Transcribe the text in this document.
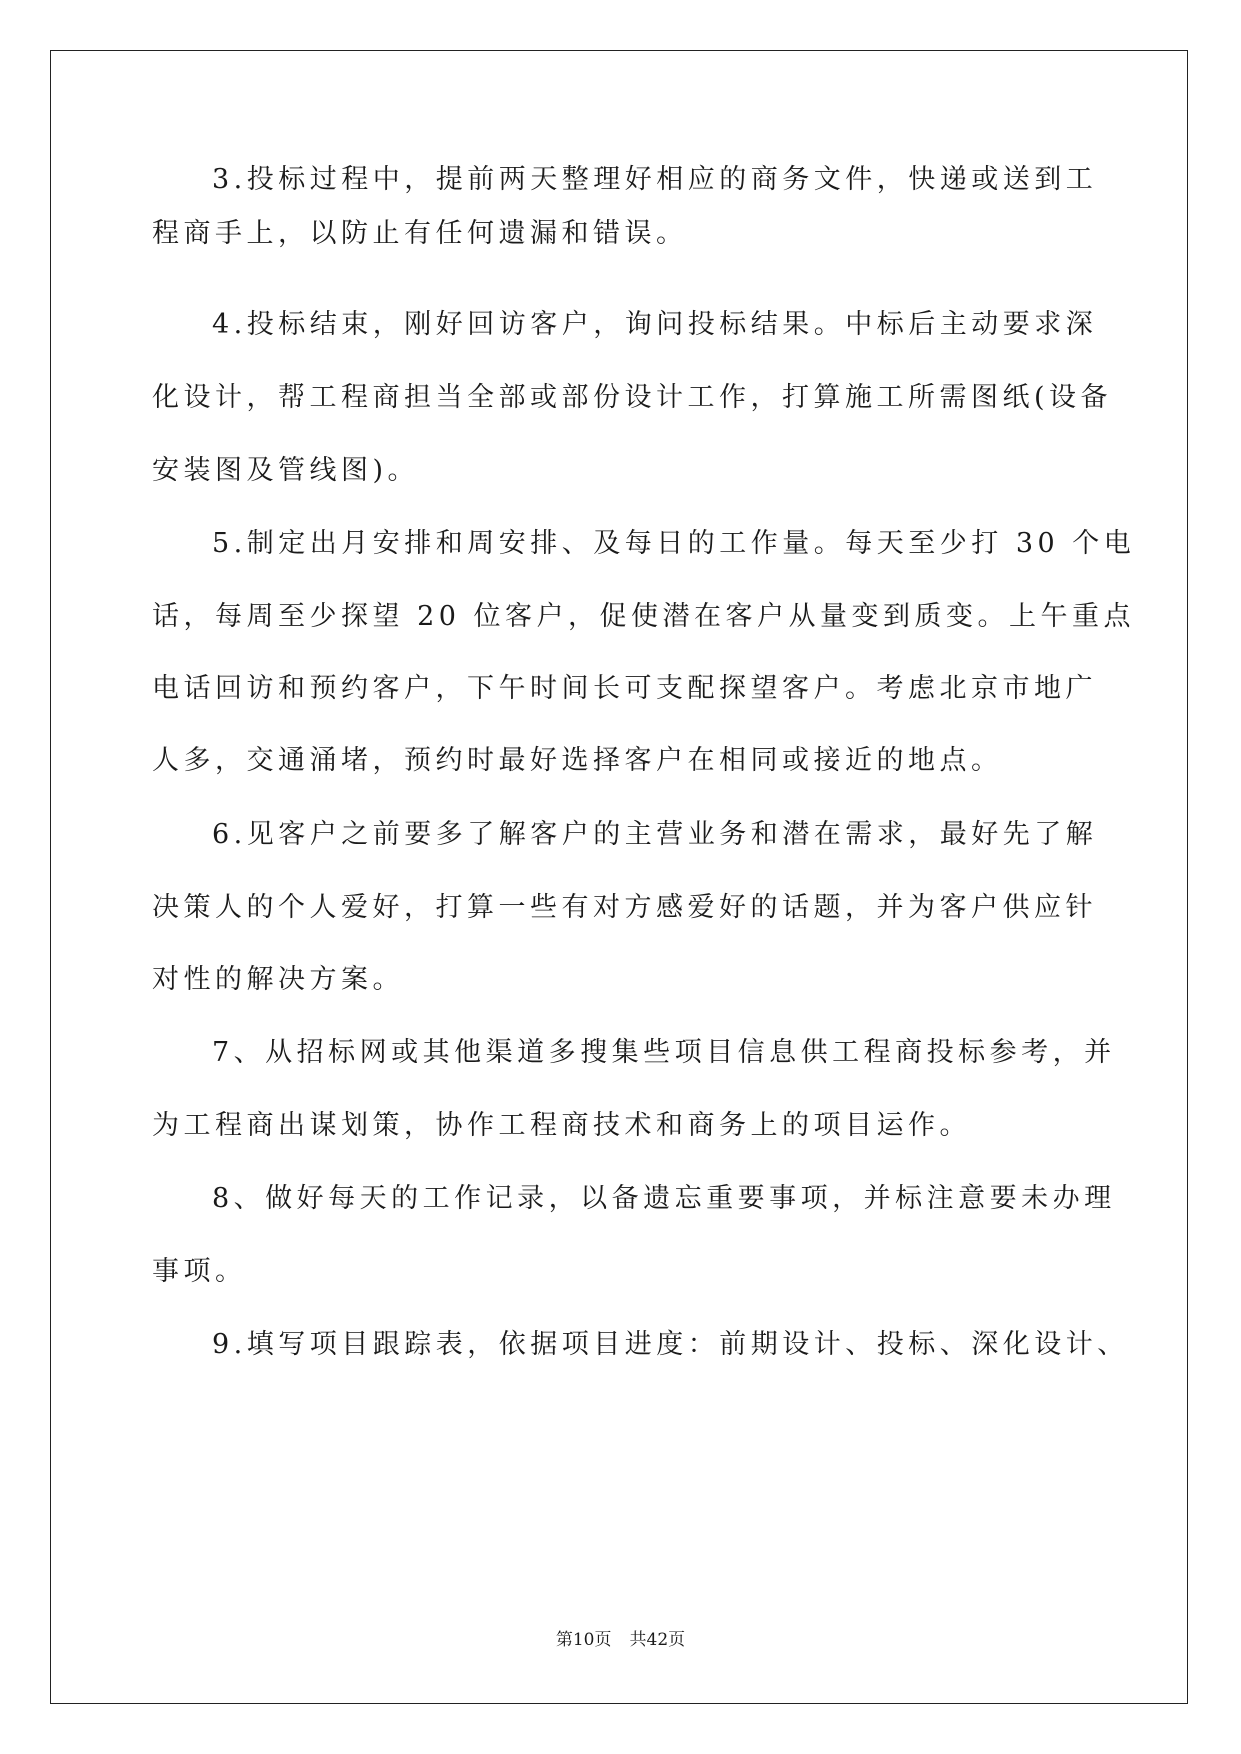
3.投标过程中，提前两天整理好相应的商务文件，快递或送到工
程商手上，以防止有任何遗漏和错误。
4.投标结束，刚好回访客户，询问投标结果。中标后主动要求深
化设计，帮工程商担当全部或部份设计工作，打算施工所需图纸(设备
安装图及管线图)。
5.制定出月安排和周安排、及每日的工作量。每天至少打 30 个电
话，每周至少探望 20 位客户，促使潜在客户从量变到质变。上午重点
电话回访和预约客户，下午时间长可支配探望客户。考虑北京市地广
人多，交通涌堵，预约时最好选择客户在相同或接近的地点。
6.见客户之前要多了解客户的主营业务和潜在需求，最好先了解
决策人的个人爱好，打算一些有对方感爱好的话题，并为客户供应针
对性的解决方案。
7、从招标网或其他渠道多搜集些项目信息供工程商投标参考，并
为工程商出谋划策，协作工程商技术和商务上的项目运作。
8、做好每天的工作记录，以备遗忘重要事项，并标注意要未办理
事项。
9.填写项目跟踪表，依据项目进度：前期设计、投标、深化设计、
第10页 共42页
